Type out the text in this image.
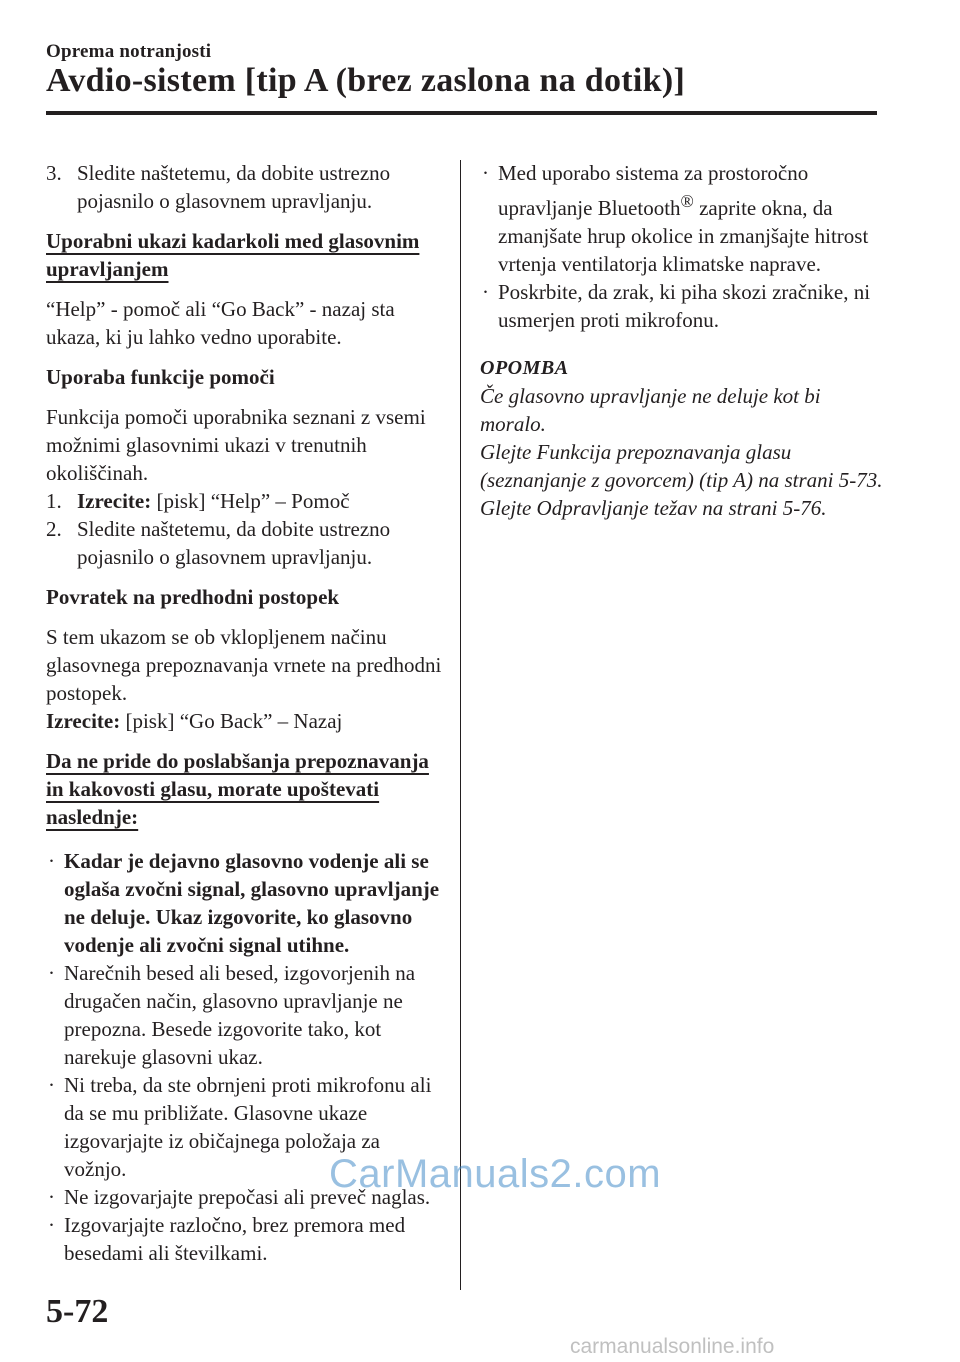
Oprema notranjosti
Avdio-sistem [tip A (brez zaslona na dotik)]
3. Sledite naštetemu, da dobite ustrezno pojasnilo o glasovnem upravljanju.
Uporabni ukazi kadarkoli med glasovnim upravljanjem

“Help” - pomoč ali “Go Back” - nazaj sta ukaza, ki ju lahko vedno uporabite.

Uporaba funkcije pomoči

Funkcija pomoči uporabnika seznani z vsemi možnimi glasovnimi ukazi v trenutnih okoliščinah.

1. Izrecite: [pisk] “Help” – Pomoč
2. Sledite naštetemu, da dobite ustrezno pojasnilo o glasovnem upravljanju.
Povratek na predhodni postopek

S tem ukazom se ob vklopljenem načinu glasovnega prepoznavanja vrnete na predhodni postopek.

Izrecite: [pisk] “Go Back” – Nazaj

Da ne pride do poslabšanja prepoznavanja in kakovosti glasu, morate upoštevati naslednje:
· Kadar je dejavno glasovno vodenje ali se oglaša zvočni signal, glasovno upravljanje ne deluje. Ukaz izgovorite, ko glasovno vodenje ali zvočni signal utihne.
· Narečnih besed ali besed, izgovorjenih na drugačen način, glasovno upravljanje ne prepozna. Besede izgovorite tako, kot narekuje glasovni ukaz.
· Ni treba, da ste obrnjeni proti mikrofonu ali da se mu približate. Glasovne ukaze izgovarjajte iz običajnega položaja za vožnjo.
· Ne izgovarjajte prepočasi ali preveč naglas.
· Izgovarjajte razločno, brez premora med besedami ali številkami.
· Med uporabo sistema za prostoročno upravljanje Bluetooth® zaprite okna, da zmanjšate hrup okolice in zmanjšajte hitrost vrtenja ventilatorja klimatske naprave.
· Poskrbite, da zrak, ki piha skozi zračnike, ni usmerjen proti mikrofonu.
OPOMBA
Če glasovno upravljanje ne deluje kot bi moralo.
Glejte Funkcija prepoznavanja glasu (seznanjanje z govorcem) (tip A) na strani 5-73.
Glejte Odpravljanje težav na strani 5-76.
CarManuals2.com
5-72
carmanualsonline.info
